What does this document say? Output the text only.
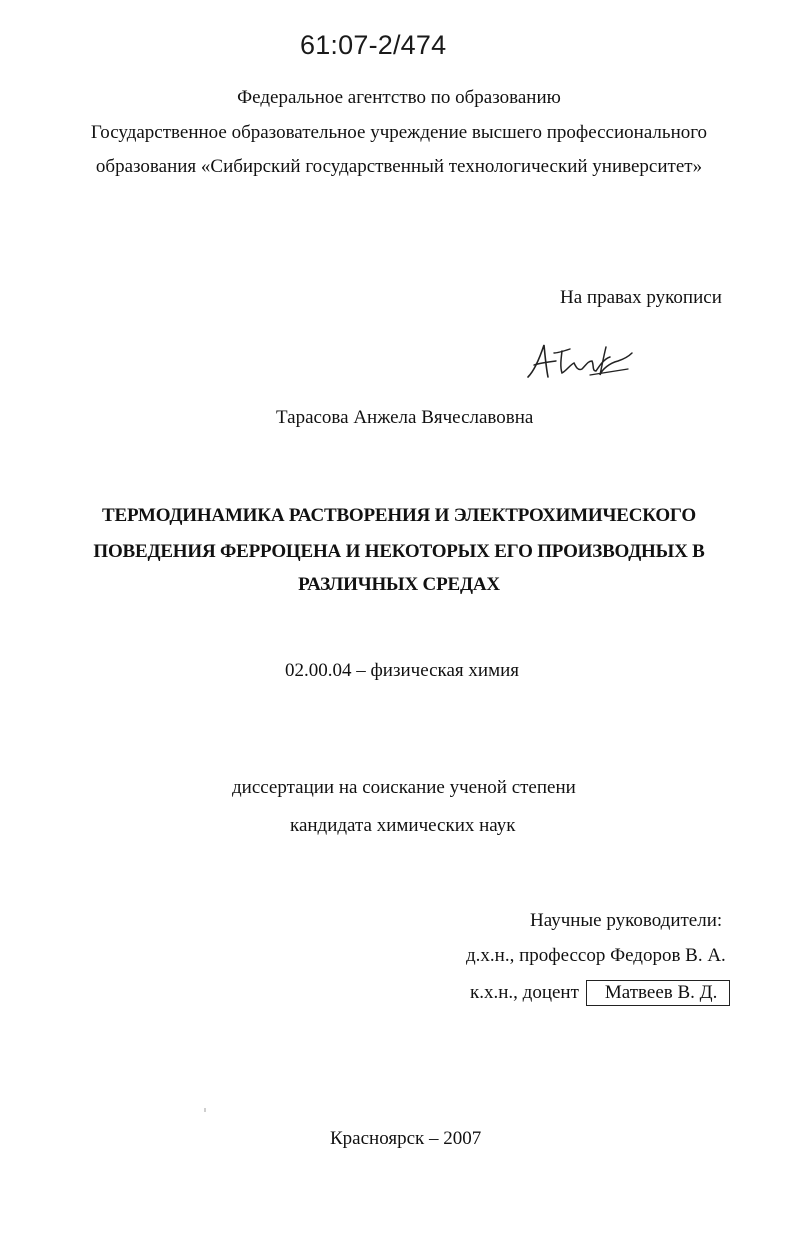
61:07-2/474
Федеральное агентство по образованию
Государственное образовательное учреждение высшего профессионального
образования «Сибирский государственный технологический университет»
На правах рукописи
Тарасова Анжела Вячеславовна
ТЕРМОДИНАМИКА РАСТВОРЕНИЯ И ЭЛЕКТРОХИМИЧЕСКОГО
ПОВЕДЕНИЯ ФЕРРОЦЕНА И НЕКОТОРЫХ ЕГО ПРОИЗВОДНЫХ В
РАЗЛИЧНЫХ СРЕДАХ
02.00.04 – физическая химия
диссертации на соискание ученой степени
кандидата химических наук
Научные руководители:
д.х.н., профессор Федоров В. А.
к.х.н., доцент	Матвеев В. Д.
Красноярск – 2007
